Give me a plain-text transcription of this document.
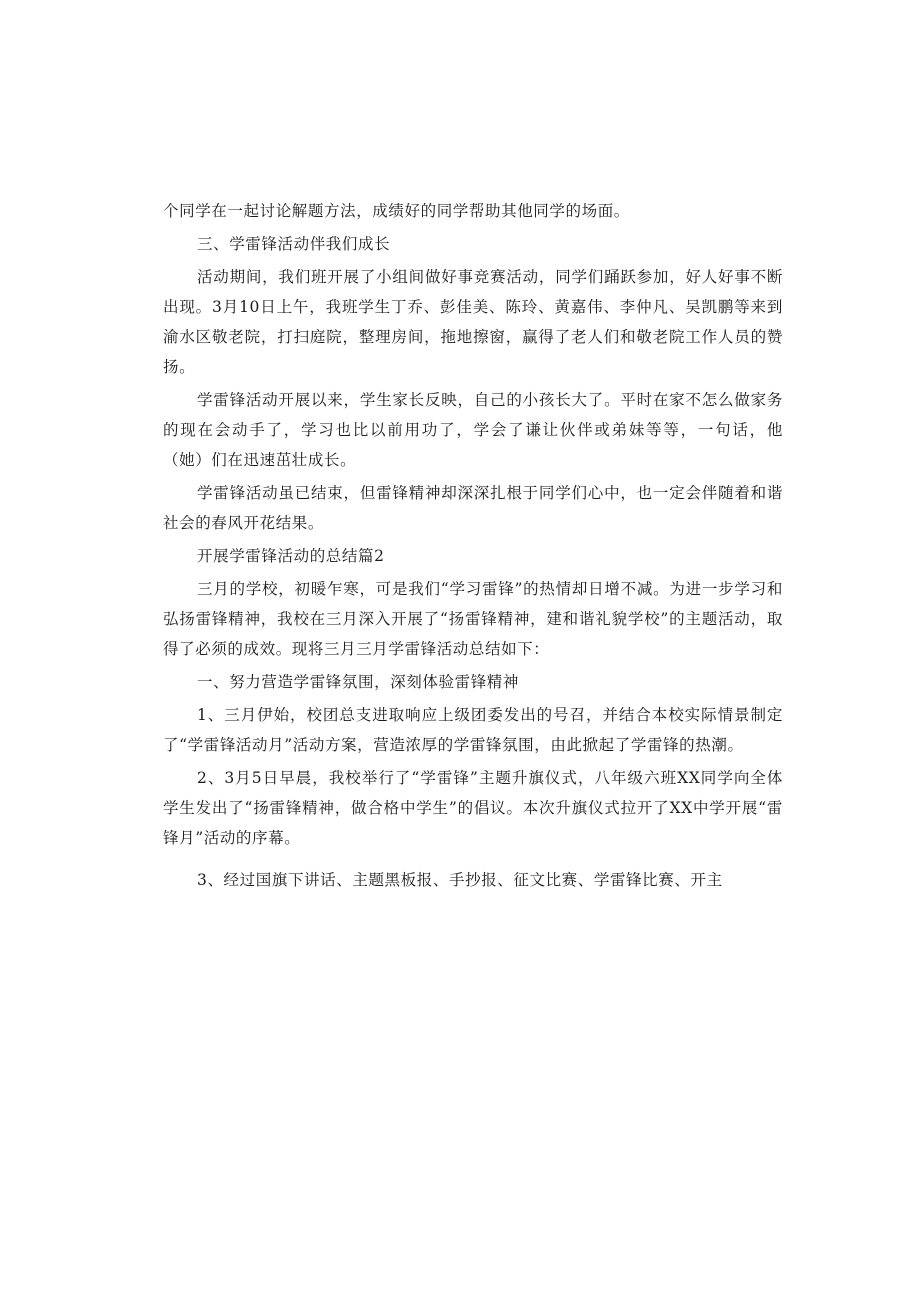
个同学在一起讨论解题方法，成绩好的同学帮助其他同学的场面。

三、学雷锋活动伴我们成长

活动期间，我们班开展了小组间做好事竞赛活动，同学们踊跃参加，好人好事不断出现。3月10日上午，我班学生丁乔、彭佳美、陈玲、黄嘉伟、李仲凡、吴凯鹏等来到渝水区敬老院，打扫庭院，整理房间，拖地擦窗，赢得了老人们和敬老院工作人员的赞扬。

学雷锋活动开展以来，学生家长反映，自己的小孩长大了。平时在家不怎么做家务的现在会动手了，学习也比以前用功了，学会了谦让伙伴或弟妹等等，一句话，他（她）们在迅速茁壮成长。

学雷锋活动虽已结束，但雷锋精神却深深扎根于同学们心中，也一定会伴随着和谐社会的春风开花结果。

开展学雷锋活动的总结篇2

三月的学校，初暖乍寒，可是我们“学习雷锋”的热情却日增不减。为进一步学习和弘扬雷锋精神，我校在三月深入开展了“扬雷锋精神，建和谐礼貌学校”的主题活动，取得了必须的成效。现将三月三月学雷锋活动总结如下：

一、努力营造学雷锋氛围，深刻体验雷锋精神

1、三月伊始，校团总支进取响应上级团委发出的号召，并结合本校实际情景制定了“学雷锋活动月”活动方案，营造浓厚的学雷锋氛围，由此掀起了学雷锋的热潮。

2、3月5日早晨，我校举行了“学雷锋”主题升旗仪式，八年级六班XX同学向全体学生发出了“扬雷锋精神，做合格中学生”的倡议。本次升旗仪式拉开了XX中学开展“雷锋月”活动的序幕。

3、经过国旗下讲话、主题黑板报、手抄报、征文比赛、学雷锋比赛、开主
